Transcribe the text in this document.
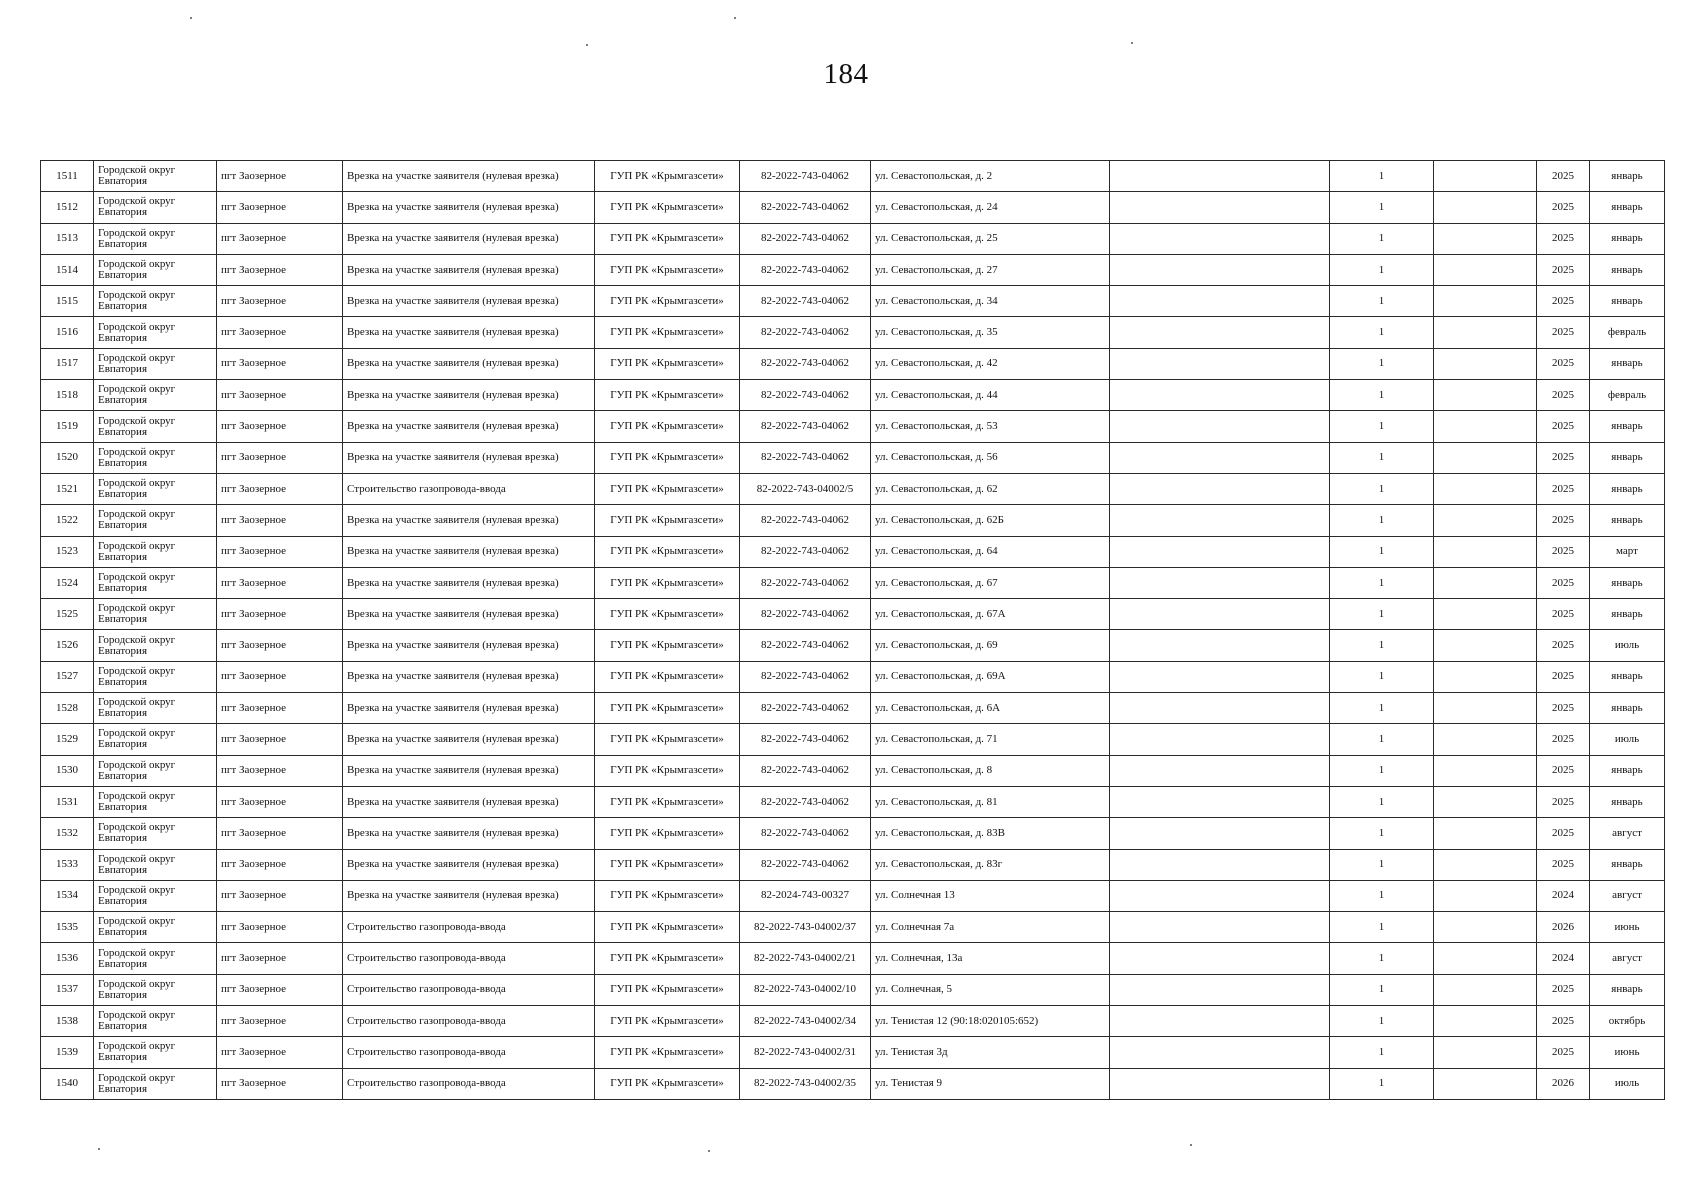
184
1511	Городской округ Евпатория	пгт Заозерное	Врезка на участке заявителя (нулевая врезка)	ГУП РК «Крымгазсети»	82-2022-743-04062	ул. Севастопольская, д. 2		1		2025	январь
1512	Городской округ Евпатория	пгт Заозерное	Врезка на участке заявителя (нулевая врезка)	ГУП РК «Крымгазсети»	82-2022-743-04062	ул. Севастопольская, д. 24		1		2025	январь
1513	Городской округ Евпатория	пгт Заозерное	Врезка на участке заявителя (нулевая врезка)	ГУП РК «Крымгазсети»	82-2022-743-04062	ул. Севастопольская, д. 25		1		2025	январь
1514	Городской округ Евпатория	пгт Заозерное	Врезка на участке заявителя (нулевая врезка)	ГУП РК «Крымгазсети»	82-2022-743-04062	ул. Севастопольская, д. 27		1		2025	январь
1515	Городской округ Евпатория	пгт Заозерное	Врезка на участке заявителя (нулевая врезка)	ГУП РК «Крымгазсети»	82-2022-743-04062	ул. Севастопольская, д. 34		1		2025	январь
1516	Городской округ Евпатория	пгт Заозерное	Врезка на участке заявителя (нулевая врезка)	ГУП РК «Крымгазсети»	82-2022-743-04062	ул. Севастопольская, д. 35		1		2025	февраль
1517	Городской округ Евпатория	пгт Заозерное	Врезка на участке заявителя (нулевая врезка)	ГУП РК «Крымгазсети»	82-2022-743-04062	ул. Севастопольская, д. 42		1		2025	январь
1518	Городской округ Евпатория	пгт Заозерное	Врезка на участке заявителя (нулевая врезка)	ГУП РК «Крымгазсети»	82-2022-743-04062	ул. Севастопольская, д. 44		1		2025	февраль
1519	Городской округ Евпатория	пгт Заозерное	Врезка на участке заявителя (нулевая врезка)	ГУП РК «Крымгазсети»	82-2022-743-04062	ул. Севастопольская, д. 53		1		2025	январь
1520	Городской округ Евпатория	пгт Заозерное	Врезка на участке заявителя (нулевая врезка)	ГУП РК «Крымгазсети»	82-2022-743-04062	ул. Севастопольская, д. 56		1		2025	январь
1521	Городской округ Евпатория	пгт Заозерное	Строительство газопровода-ввода	ГУП РК «Крымгазсети»	82-2022-743-04002/5	ул. Севастопольская, д. 62		1		2025	январь
1522	Городской округ Евпатория	пгт Заозерное	Врезка на участке заявителя (нулевая врезка)	ГУП РК «Крымгазсети»	82-2022-743-04062	ул. Севастопольская, д. 62Б		1		2025	январь
1523	Городской округ Евпатория	пгт Заозерное	Врезка на участке заявителя (нулевая врезка)	ГУП РК «Крымгазсети»	82-2022-743-04062	ул. Севастопольская, д. 64		1		2025	март
1524	Городской округ Евпатория	пгт Заозерное	Врезка на участке заявителя (нулевая врезка)	ГУП РК «Крымгазсети»	82-2022-743-04062	ул. Севастопольская, д. 67		1		2025	январь
1525	Городской округ Евпатория	пгт Заозерное	Врезка на участке заявителя (нулевая врезка)	ГУП РК «Крымгазсети»	82-2022-743-04062	ул. Севастопольская, д. 67А		1		2025	январь
1526	Городской округ Евпатория	пгт Заозерное	Врезка на участке заявителя (нулевая врезка)	ГУП РК «Крымгазсети»	82-2022-743-04062	ул. Севастопольская, д. 69		1		2025	июль
1527	Городской округ Евпатория	пгт Заозерное	Врезка на участке заявителя (нулевая врезка)	ГУП РК «Крымгазсети»	82-2022-743-04062	ул. Севастопольская, д. 69А		1		2025	январь
1528	Городской округ Евпатория	пгт Заозерное	Врезка на участке заявителя (нулевая врезка)	ГУП РК «Крымгазсети»	82-2022-743-04062	ул. Севастопольская, д. 6А		1		2025	январь
1529	Городской округ Евпатория	пгт Заозерное	Врезка на участке заявителя (нулевая врезка)	ГУП РК «Крымгазсети»	82-2022-743-04062	ул. Севастопольская, д. 71		1		2025	июль
1530	Городской округ Евпатория	пгт Заозерное	Врезка на участке заявителя (нулевая врезка)	ГУП РК «Крымгазсети»	82-2022-743-04062	ул. Севастопольская, д. 8		1		2025	январь
1531	Городской округ Евпатория	пгт Заозерное	Врезка на участке заявителя (нулевая врезка)	ГУП РК «Крымгазсети»	82-2022-743-04062	ул. Севастопольская, д. 81		1		2025	январь
1532	Городской округ Евпатория	пгт Заозерное	Врезка на участке заявителя (нулевая врезка)	ГУП РК «Крымгазсети»	82-2022-743-04062	ул. Севастопольская, д. 83В		1		2025	август
1533	Городской округ Евпатория	пгт Заозерное	Врезка на участке заявителя (нулевая врезка)	ГУП РК «Крымгазсети»	82-2022-743-04062	ул. Севастопольская, д. 83г		1		2025	январь
1534	Городской округ Евпатория	пгт Заозерное	Врезка на участке заявителя (нулевая врезка)	ГУП РК «Крымгазсети»	82-2024-743-00327	ул. Солнечная 13		1		2024	август
1535	Городской округ Евпатория	пгт Заозерное	Строительство газопровода-ввода	ГУП РК «Крымгазсети»	82-2022-743-04002/37	ул. Солнечная 7а		1		2026	июнь
1536	Городской округ Евпатория	пгт Заозерное	Строительство газопровода-ввода	ГУП РК «Крымгазсети»	82-2022-743-04002/21	ул. Солнечная, 13а		1		2024	август
1537	Городской округ Евпатория	пгт Заозерное	Строительство газопровода-ввода	ГУП РК «Крымгазсети»	82-2022-743-04002/10	ул. Солнечная, 5		1		2025	январь
1538	Городской округ Евпатория	пгт Заозерное	Строительство газопровода-ввода	ГУП РК «Крымгазсети»	82-2022-743-04002/34	ул. Тенистая 12 (90:18:020105:652)		1		2025	октябрь
1539	Городской округ Евпатория	пгт Заозерное	Строительство газопровода-ввода	ГУП РК «Крымгазсети»	82-2022-743-04002/31	ул. Тенистая 3д		1		2025	июнь
1540	Городской округ Евпатория	пгт Заозерное	Строительство газопровода-ввода	ГУП РК «Крымгазсети»	82-2022-743-04002/35	ул. Тенистая 9		1		2026	июль
